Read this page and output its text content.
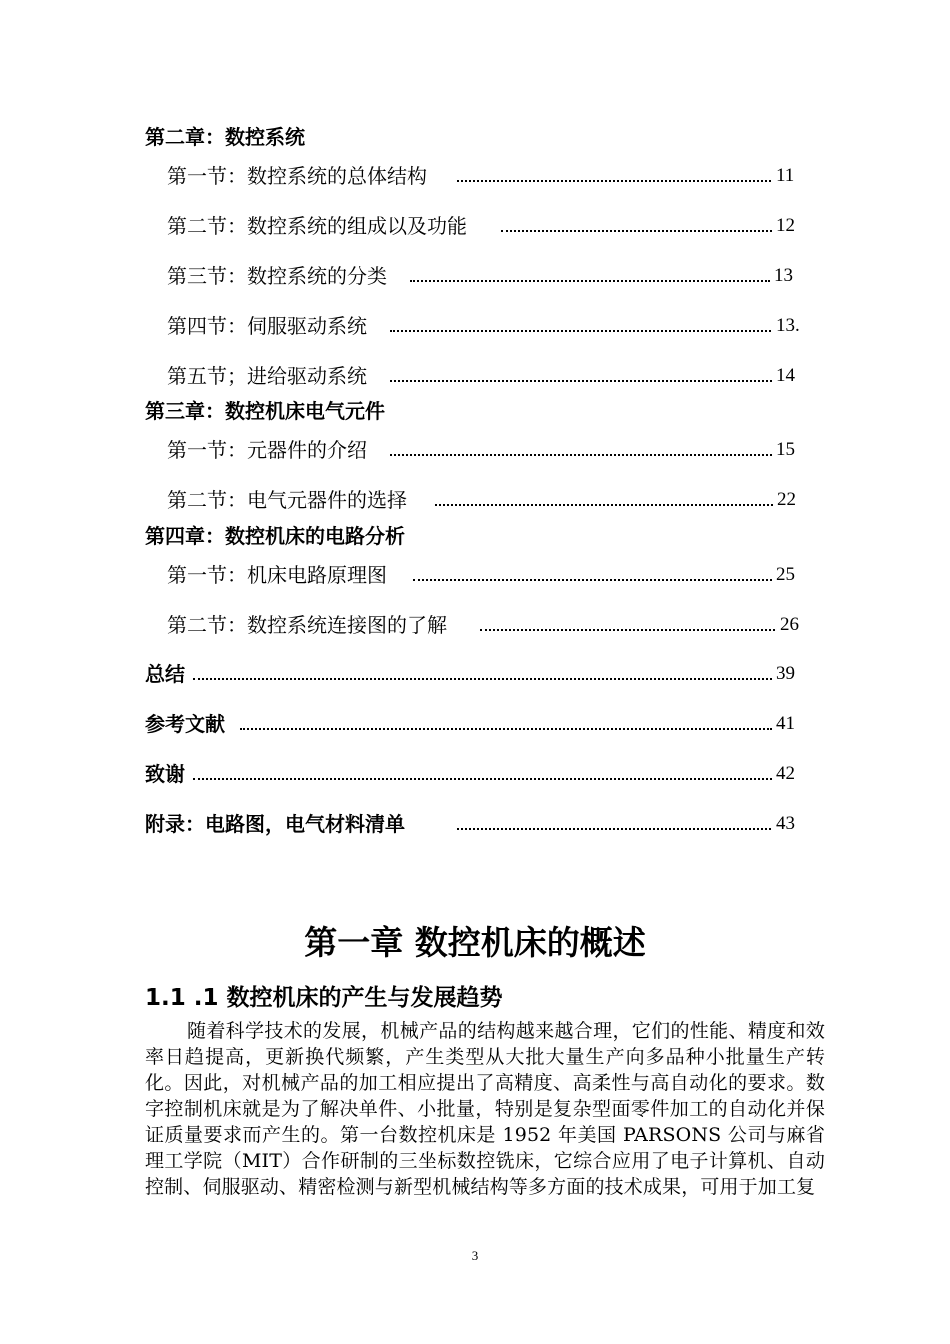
第二章：数控系统
第一节：数控系统的总体结构	11
第二节：数控系统的组成以及功能	12
第三节：数控系统的分类	13
第四节：伺服驱动系统	13.
第五节；进给驱动系统	14
第三章：数控机床电气元件
第一节：元器件的介绍	15
第二节：电气元器件的选择	22
第四章：数控机床的电路分析
第一节：机床电路原理图	25
第二节：数控系统连接图的了解	26
总结	39
参考文献	41
致谢	42
附录：电路图，电气材料清单	43
第一章 数控机床的概述
1.1 .1 数控机床的产生与发展趋势

随着科学技术的发展，机械产品的结构越来越合理，它们的性能、精度和效率日趋提高，更新换代频繁，产生类型从大批大量生产向多品种小批量生产转化。因此，对机械产品的加工相应提出了高精度、高柔性与高自动化的要求。数字控制机床就是为了解决单件、小批量，特别是复杂型面零件加工的自动化并保证质量要求而产生的。第一台数控机床是 1952 年美国 PARSONS 公司与麻省理工学院（MIT）合作研制的三坐标数控铣床，它综合应用了电子计算机、自动控制、伺服驱动、精密检测与新型机械结构等多方面的技术成果，可用于加工复

3
